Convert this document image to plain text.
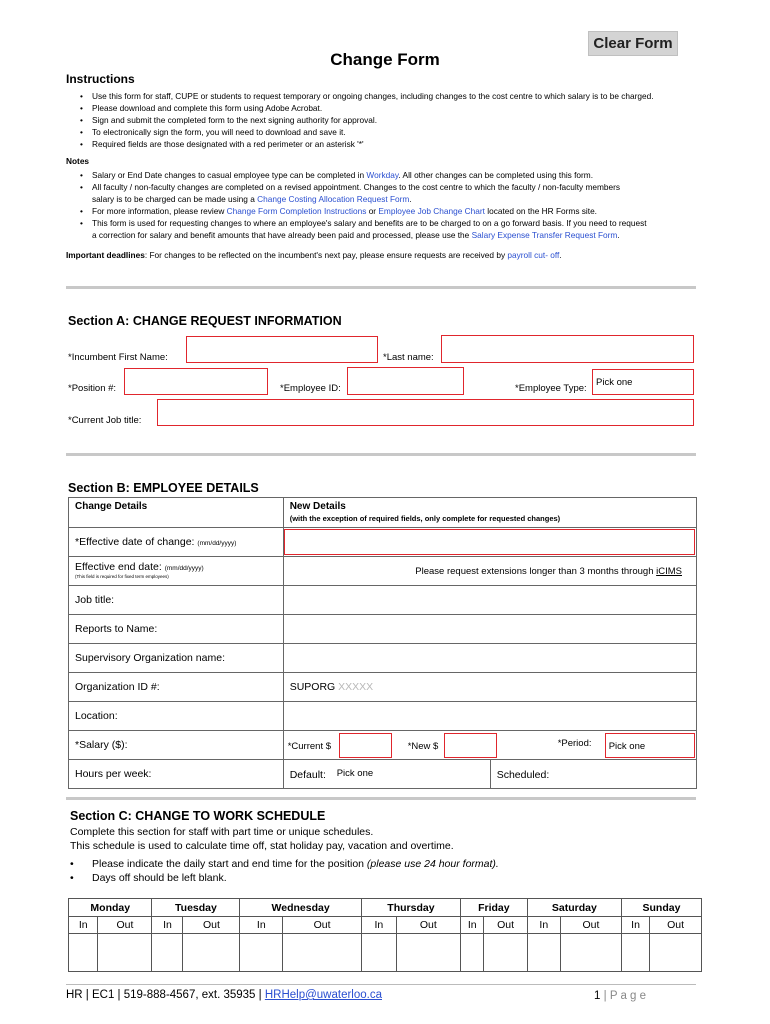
Clear Form
Change Form
Instructions
• Use this form for staff, CUPE or students to request temporary or ongoing changes, including changes to the cost centre to which salary is to be charged.
• Please download and complete this form using Adobe Acrobat.
• Sign and submit the completed form to the next signing authority for approval.
• To electronically sign the form, you will need to download and save it.
• Required fields are those designated with a red perimeter or an asterisk '*'
Notes
• Salary or End Date changes to casual employee type can be completed in Workday. All other changes can be completed using this form.
• All faculty / non-faculty changes are completed on a revised appointment. Changes to the cost centre to which the faculty / non-faculty members
salary is to be charged can be made using a Change Costing Allocation Request Form.
• For more information, please review Change Form Completion Instructions or Employee Job Change Chart located on the HR Forms site.
• This form is used for requesting changes to where an employee's salary and benefits are to be charged to on a go forward basis. If you need to request
a correction for salary and benefit amounts that have already been paid and processed, please use the Salary Expense Transfer Request Form.
Important deadlines: For changes to be reflected on the incumbent's next pay, please ensure requests are received by payroll cut- off.
Section A: CHANGE REQUEST INFORMATION
*Incumbent First Name:	*Last name:
*Position #:	*Employee ID:	*Employee Type:
Pick one
*Current Job title:
Section B: EMPLOYEE DETAILS
Change Details	New Details
(with the exception of required fields, only complete for requested changes)

*Effective date of change: (mm/dd/yyyy)	

Effective end date: (mm/dd/yyyy)
(This field is required for fixed term employees)	Please request extensions longer than 3 months through iCIMS
Job title:	
Reports to Name:	
Supervisory Organization name:	
Organization ID #:	SUPORG XXXXX
Location:	
*Salary ($):	*Current $ *New $ *Period: Pick one

Hours per week:	Default: Pick one Scheduled:
Section C: CHANGE TO WORK SCHEDULE
Complete this section for staff with part time or unique schedules.
This schedule is used to calculate time off, stat holiday pay, vacation and overtime.
• Please indicate the daily start and end time for the position (please use 24 hour format).
• Days off should be left blank.
Monday		Tuesday		Wednesday		Thursday		Friday		Saturday		Sunday	
In	Out	In	Out	In	Out	In	Out	In	Out	In	Out	In	Out

HR | EC1 | 519-888-4567, ext. 35935 | HRHelp@uwaterloo.ca	1 | P a g e
